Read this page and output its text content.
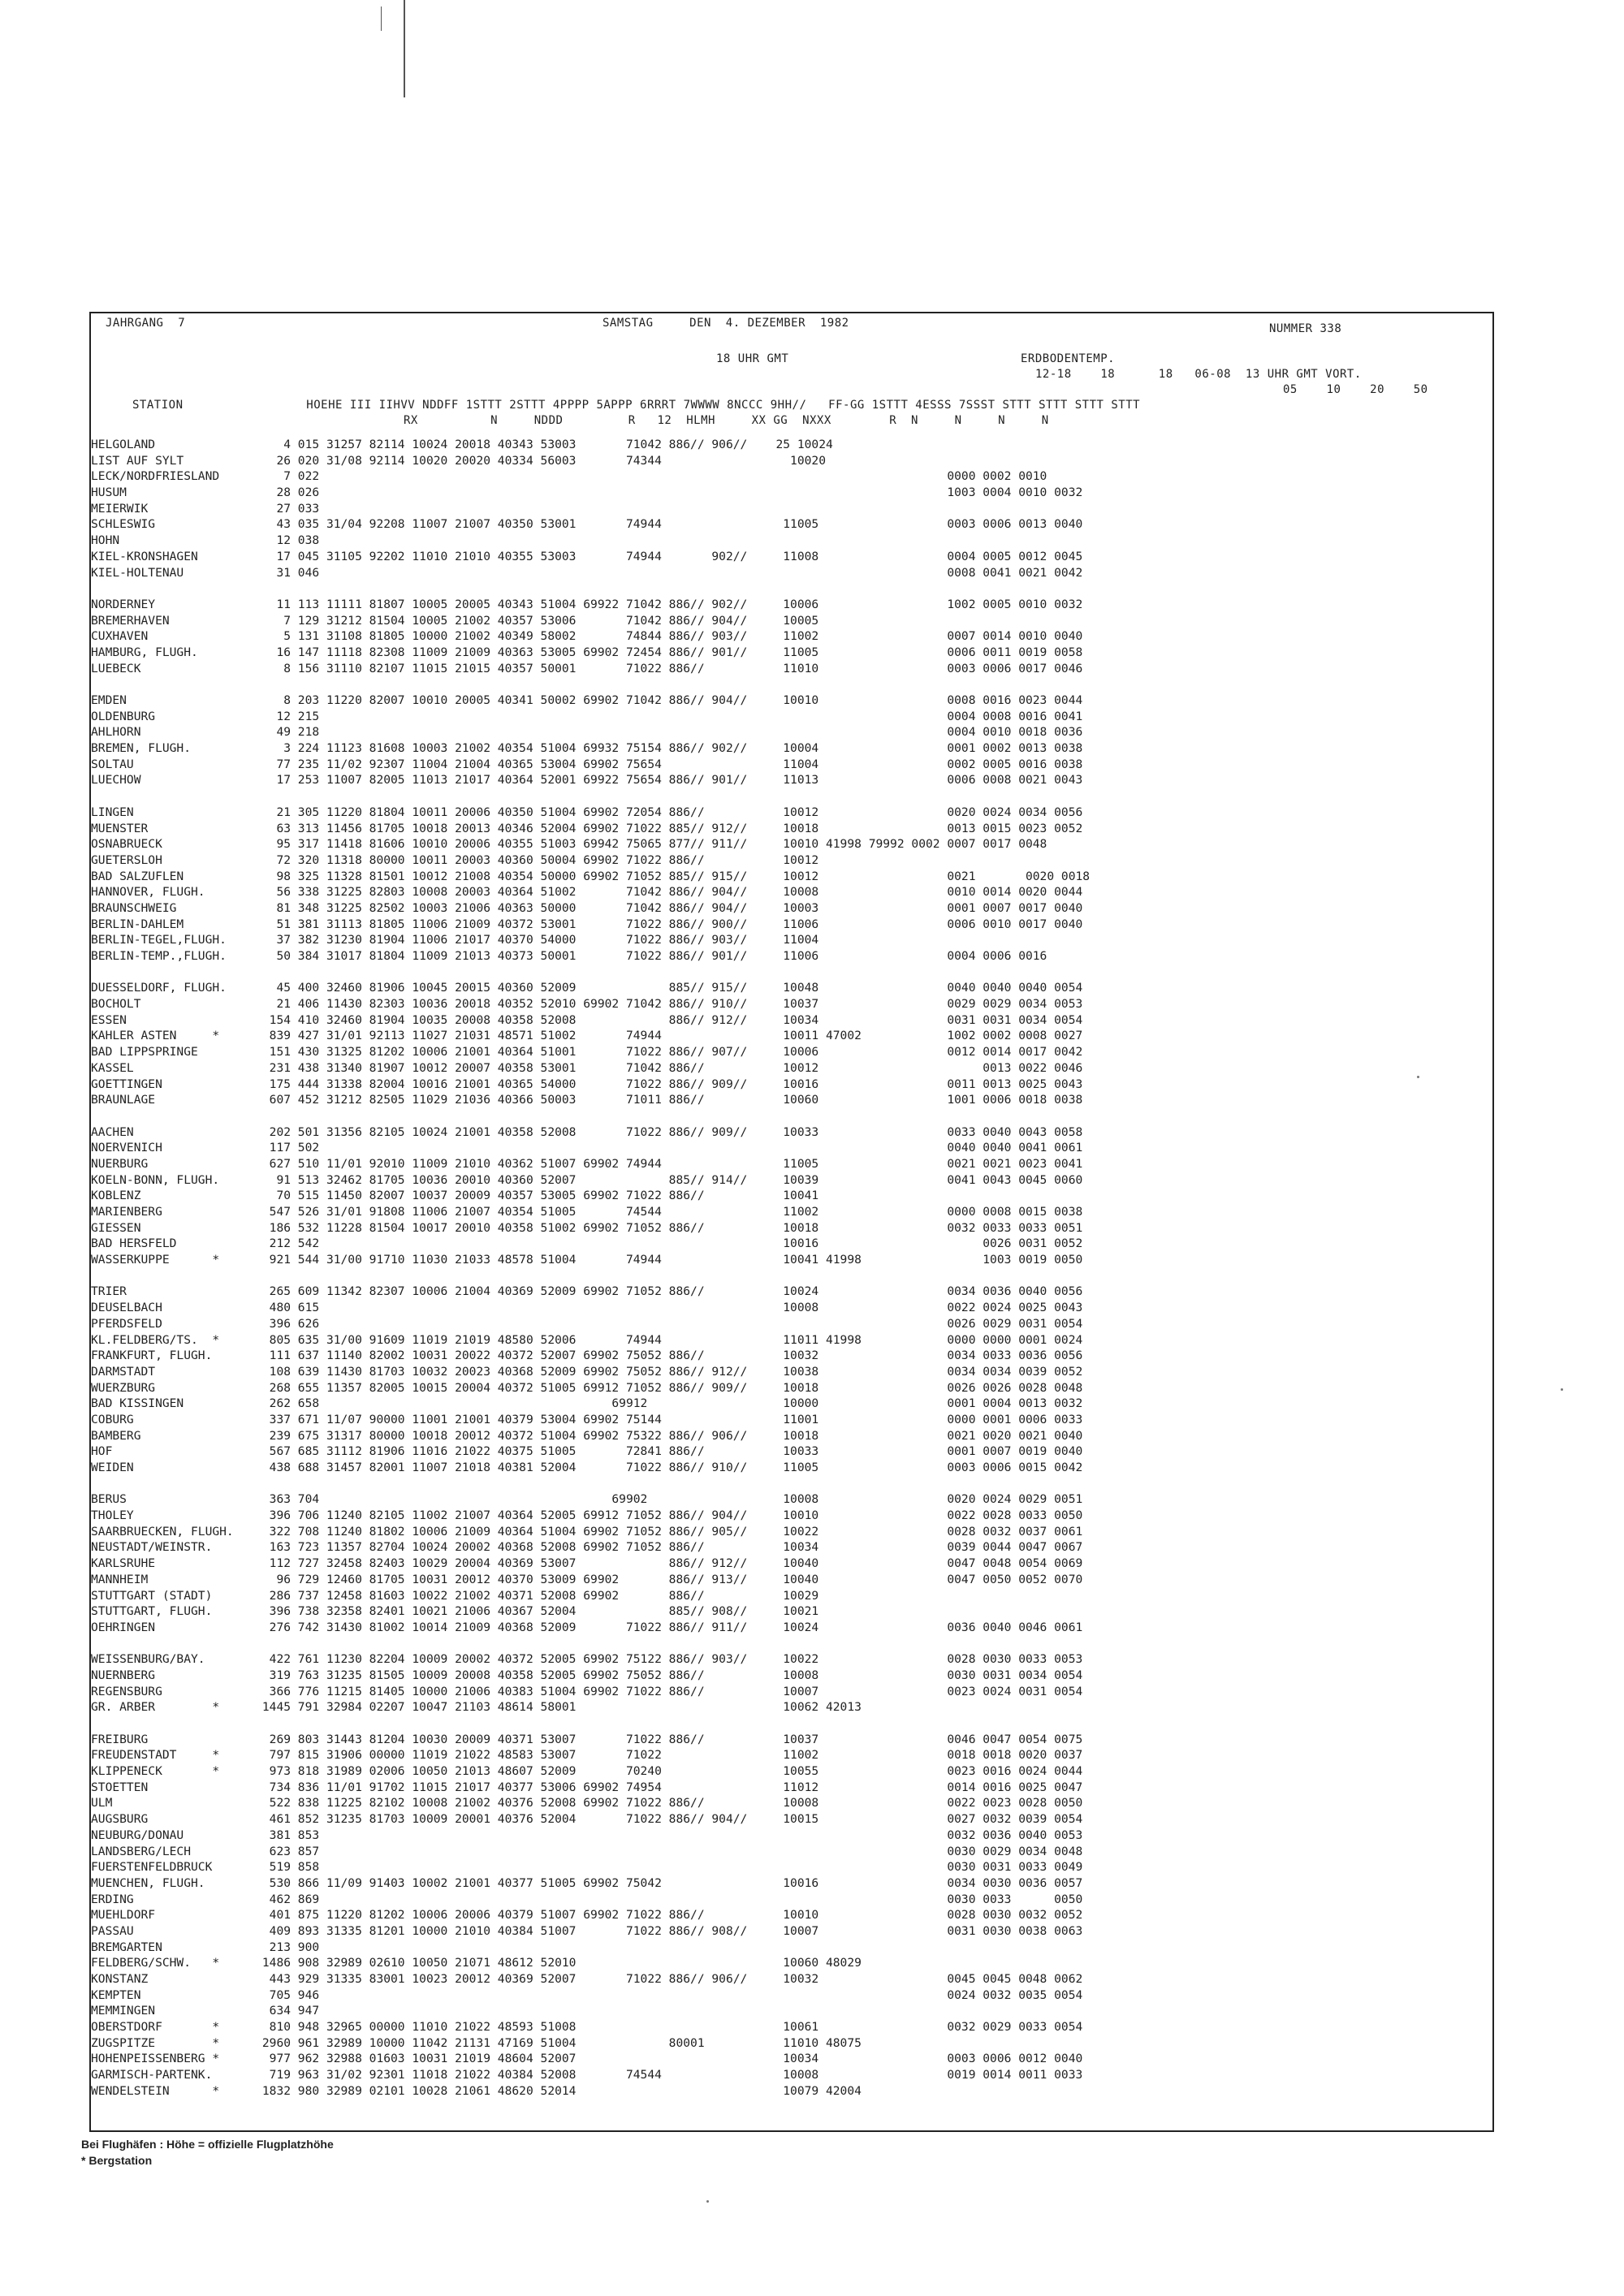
JAHRGANG  7	SAMSTAG     DEN  4. DEZEMBER  1982	NUMMER 338
18 UHR GMT                                ERDBODENTEMP.
12-18    18      18   06-08  13 UHR GMT VORT.
05    10    20    50
STATION                 HOEHE III IIHVV NDDFF 1STTT 2STTT 4PPPP 5APPP 6RRRT 7WWWW 8NCCC 9HH//   FF-GG 1STTT 4ESSS 7SSST STTT STTT STTT STTT
RX          N     NDDD         R   12  HLMH     XX GG  NXXX        R  N     N     N     N
HELGOLAND                  4 015 31257 82114 10024 20018 40343 53003       71042 886// 906//    25 10024
LIST AUF SYLT             26 020 31/08 92114 10020 20020 40334 56003       74344                  10020
LECK/NORDFRIESLAND         7 022                                                                                        0000 0002 0010
HUSUM                     28 026                                                                                        1003 0004 0010 0032
MEIERWIK                  27 033
SCHLESWIG                 43 035 31/04 92208 11007 21007 40350 53001       74944                 11005                  0003 0006 0013 0040
HOHN                      12 038
KIEL-KRONSHAGEN           17 045 31105 92202 11010 21010 40355 53003       74944       902//     11008                  0004 0005 0012 0045
KIEL-HOLTENAU             31 046                                                                                        0008 0041 0021 0042
NORDERNEY                 11 113 11111 81807 10005 20005 40343 51004 69922 71042 886// 902//     10006                  1002 0005 0010 0032
BREMERHAVEN                7 129 31212 81504 10005 21002 40357 53006       71042 886// 904//     10005
CUXHAVEN                   5 131 31108 81805 10000 21002 40349 58002       74844 886// 903//     11002                  0007 0014 0010 0040
HAMBURG, FLUGH.           16 147 11118 82308 11009 21009 40363 53005 69902 72454 886// 901//     11005                  0006 0011 0019 0058
LUEBECK                    8 156 31110 82107 11015 21015 40357 50001       71022 886//           11010                  0003 0006 0017 0046
EMDEN                      8 203 11220 82007 10010 20005 40341 50002 69902 71042 886// 904//     10010                  0008 0016 0023 0044
OLDENBURG                 12 215                                                                                        0004 0008 0016 0041
AHLHORN                   49 218                                                                                        0004 0010 0018 0036
BREMEN, FLUGH.             3 224 11123 81608 10003 21002 40354 51004 69932 75154 886// 902//     10004                  0001 0002 0013 0038
SOLTAU                    77 235 11/02 92307 11004 21004 40365 53004 69902 75654                 11004                  0002 0005 0016 0038
LUECHOW                   17 253 11007 82005 11013 21017 40364 52001 69922 75654 886// 901//     11013                  0006 0008 0021 0043
LINGEN                    21 305 11220 81804 10011 20006 40350 51004 69902 72054 886//           10012                  0020 0024 0034 0056
MUENSTER                  63 313 11456 81705 10018 20013 40346 52004 69902 71022 885// 912//     10018                  0013 0015 0023 0052
OSNABRUECK                95 317 11418 81606 10010 20006 40355 51003 69942 75065 877// 911//     10010 41998 79992 0002 0007 0017 0048
GUETERSLOH                72 320 11318 80000 10011 20003 40360 50004 69902 71022 886//           10012
BAD SALZUFLEN             98 325 11328 81501 10012 21008 40354 50000 69902 71052 885// 915//     10012                  0021       0020 0018
HANNOVER, FLUGH.          56 338 31225 82803 10008 20003 40364 51002       71042 886// 904//     10008                  0010 0014 0020 0044
BRAUNSCHWEIG              81 348 31225 82502 10003 21006 40363 50000       71042 886// 904//     10003                  0001 0007 0017 0040
BERLIN-DAHLEM             51 381 31113 81805 11006 21009 40372 53001       71022 886// 900//     11006                  0006 0010 0017 0040
BERLIN-TEGEL,FLUGH.       37 382 31230 81904 11006 21017 40370 54000       71022 886// 903//     11004
BERLIN-TEMP.,FLUGH.       50 384 31017 81804 11009 21013 40373 50001       71022 886// 901//     11006                  0004 0006 0016
DUESSELDORF, FLUGH.       45 400 32460 81906 10045 20015 40360 52009             885// 915//     10048                  0040 0040 0040 0054
BOCHOLT                   21 406 11430 82303 10036 20018 40352 52010 69902 71042 886// 910//     10037                  0029 0029 0034 0053
ESSEN                    154 410 32460 81904 10035 20008 40358 52008             886// 912//     10034                  0031 0031 0034 0054
KAHLER ASTEN     *       839 427 31/01 92113 11027 21031 48571 51002       74944                 10011 47002            1002 0002 0008 0027
BAD LIPPSPRINGE          151 430 31325 81202 10006 21001 40364 51001       71022 886// 907//     10006                  0012 0014 0017 0042
KASSEL                   231 438 31340 81907 10012 20007 40358 53001       71042 886//           10012                       0013 0022 0046
GOETTINGEN               175 444 31338 82004 10016 21001 40365 54000       71022 886// 909//     10016                  0011 0013 0025 0043
BRAUNLAGE                607 452 31212 82505 11029 21036 40366 50003       71011 886//           10060                  1001 0006 0018 0038
AACHEN                   202 501 31356 82105 10024 21001 40358 52008       71022 886// 909//     10033                  0033 0040 0043 0058
NOERVENICH               117 502                                                                                        0040 0040 0041 0061
NUERBURG                 627 510 11/01 92010 11009 21010 40362 51007 69902 74944                 11005                  0021 0021 0023 0041
KOELN-BONN, FLUGH.        91 513 32462 81705 10036 20010 40360 52007             885// 914//     10039                  0041 0043 0045 0060
KOBLENZ                   70 515 11450 82007 10037 20009 40357 53005 69902 71022 886//           10041
MARIENBERG               547 526 31/01 91808 11006 21007 40354 51005       74544                 11002                  0000 0008 0015 0038
GIESSEN                  186 532 11228 81504 10017 20010 40358 51002 69902 71052 886//           10018                  0032 0033 0033 0051
BAD HERSFELD             212 542                                                                 10016                       0026 0031 0052
WASSERKUPPE      *       921 544 31/00 91710 11030 21033 48578 51004       74944                 10041 41998                 1003 0019 0050
TRIER                    265 609 11342 82307 10006 21004 40369 52009 69902 71052 886//           10024                  0034 0036 0040 0056
DEUSELBACH               480 615                                                                 10008                  0022 0024 0025 0043
PFERDSFELD               396 626                                                                                        0026 0029 0031 0054
KL.FELDBERG/TS.  *       805 635 31/00 91609 11019 21019 48580 52006       74944                 11011 41998            0000 0000 0001 0024
FRANKFURT, FLUGH.        111 637 11140 82002 10031 20022 40372 52007 69902 75052 886//           10032                  0034 0033 0036 0056
DARMSTADT                108 639 11430 81703 10032 20023 40368 52009 69902 75052 886// 912//     10038                  0034 0034 0039 0052
WUERZBURG                268 655 11357 82005 10015 20004 40372 51005 69912 71052 886// 909//     10018                  0026 0026 0028 0048
BAD KISSINGEN            262 658                                         69912                   10000                  0001 0004 0013 0032
COBURG                   337 671 11/07 90000 11001 21001 40379 53004 69902 75144                 11001                  0000 0001 0006 0033
BAMBERG                  239 675 31317 80000 10018 20012 40372 51004 69902 75322 886// 906//     10018                  0021 0020 0021 0040
HOF                      567 685 31112 81906 11016 21022 40375 51005       72841 886//           10033                  0001 0007 0019 0040
WEIDEN                   438 688 31457 82001 11007 21018 40381 52004       71022 886// 910//     11005                  0003 0006 0015 0042
BERUS                    363 704                                         69902                   10008                  0020 0024 0029 0051
THOLEY                   396 706 11240 82105 11002 21007 40364 52005 69912 71052 886// 904//     10010                  0022 0028 0033 0050
SAARBRUECKEN, FLUGH.     322 708 11240 81802 10006 21009 40364 51004 69902 71052 886// 905//     10022                  0028 0032 0037 0061
NEUSTADT/WEINSTR.        163 723 11357 82704 10024 20002 40368 52008 69902 71052 886//           10034                  0039 0044 0047 0067
KARLSRUHE                112 727 32458 82403 10029 20004 40369 53007             886// 912//     10040                  0047 0048 0054 0069
MANNHEIM                  96 729 12460 81705 10031 20012 40370 53009 69902       886// 913//     10040                  0047 0050 0052 0070
STUTTGART (STADT)        286 737 12458 81603 10022 21002 40371 52008 69902       886//           10029
STUTTGART, FLUGH.        396 738 32358 82401 10021 21006 40367 52004             885// 908//     10021
OEHRINGEN                276 742 31430 81002 10014 21009 40368 52009       71022 886// 911//     10024                  0036 0040 0046 0061
WEISSENBURG/BAY.         422 761 11230 82204 10009 20002 40372 52005 69902 75122 886// 903//     10022                  0028 0030 0033 0053
NUERNBERG                319 763 31235 81505 10009 20008 40358 52005 69902 75052 886//           10008                  0030 0031 0034 0054
REGENSBURG               366 776 11215 81405 10000 21006 40383 51004 69902 71022 886//           10007                  0023 0024 0031 0054
GR. ARBER        *      1445 791 32984 02207 10047 21103 48614 58001                             10062 42013
FREIBURG                 269 803 31443 81204 10030 20009 40371 53007       71022 886//           10037                  0046 0047 0054 0075
FREUDENSTADT     *       797 815 31906 00000 11019 21022 48583 53007       71022                 11002                  0018 0018 0020 0037
KLIPPENECK       *       973 818 31989 02006 10050 21013 48607 52009       70240                 10055                  0023 0016 0024 0044
STOETTEN                 734 836 11/01 91702 11015 21017 40377 53006 69902 74954                 11012                  0014 0016 0025 0047
ULM                      522 838 11225 82102 10008 21002 40376 52008 69902 71022 886//           10008                  0022 0023 0028 0050
AUGSBURG                 461 852 31235 81703 10009 20001 40376 52004       71022 886// 904//     10015                  0027 0032 0039 0054
NEUBURG/DONAU            381 853                                                                                        0032 0036 0040 0053
LANDSBERG/LECH           623 857                                                                                        0030 0029 0034 0048
FUERSTENFELDBRUCK        519 858                                                                                        0030 0031 0033 0049
MUENCHEN, FLUGH.         530 866 11/09 91403 10002 21001 40377 51005 69902 75042                 10016                  0034 0030 0036 0057
ERDING                   462 869                                                                                        0030 0033      0050
MUEHLDORF                401 875 11220 81202 10006 20006 40379 51007 69902 71022 886//           10010                  0028 0030 0032 0052
PASSAU                   409 893 31335 81201 10000 21010 40384 51007       71022 886// 908//     10007                  0031 0030 0038 0063
BREMGARTEN               213 900
FELDBERG/SCHW.   *      1486 908 32989 02610 10050 21071 48612 52010                             10060 48029
KONSTANZ                 443 929 31335 83001 10023 20012 40369 52007       71022 886// 906//     10032                  0045 0045 0048 0062
KEMPTEN                  705 946                                                                                        0024 0032 0035 0054
MEMMINGEN                634 947
OBERSTDORF       *       810 948 32965 00000 11010 21022 48593 51008                             10061                  0032 0029 0033 0054
ZUGSPITZE        *      2960 961 32989 10000 11042 21131 47169 51004             80001           11010 48075
HOHENPEISSENBERG *       977 962 32988 01603 10031 21019 48604 52007                             10034                  0003 0006 0012 0040
GARMISCH-PARTENK.        719 963 31/02 92301 11018 21022 40384 52008       74544                 10008                  0019 0014 0011 0033
WENDELSTEIN      *      1832 980 32989 02101 10028 21061 48620 52014                             10079 42004
Bei Flughäfen : Höhe = offizielle Flugplatzhöhe
* Bergstation
